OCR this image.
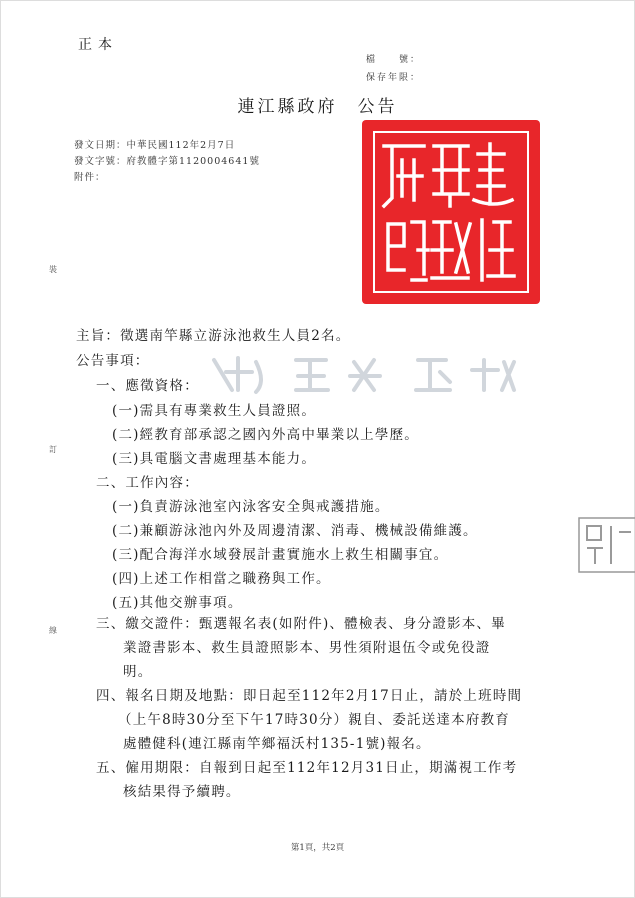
正本
檔　　號：
保存年限：
連江縣政府 公告
發文日期：中華民國112年2月7日
發文字號：府教體字第1120004641號
附件：
裝
訂
線
主旨：徵選南竿縣立游泳池救生人員2名。
公告事項：
一、應徵資格：
(一)需具有專業救生人員證照。
(二)經教育部承認之國內外高中畢業以上學歷。
(三)具電腦文書處理基本能力。
二、工作內容：
(一)負責游泳池室內泳客安全與戒護措施。
(二)兼顧游泳池內外及周邊清潔、消毒、機械設備維護。
(三)配合海洋水域發展計畫實施水上救生相關事宜。
(四)上述工作相當之職務與工作。
(五)其他交辦事項。
三、繳交證件：甄選報名表(如附件)、體檢表、身分證影本、畢
業證書影本、救生員證照影本、男性須附退伍令或免役證
明。
四、報名日期及地點：即日起至112年2月17日止，請於上班時間
（上午8時30分至下午17時30分）親自、委託送達本府教育
處體健科(連江縣南竿鄉福沃村135-1號)報名。
五、僱用期限：自報到日起至112年12月31日止，期滿視工作考
核結果得予續聘。
第1頁，共2頁
